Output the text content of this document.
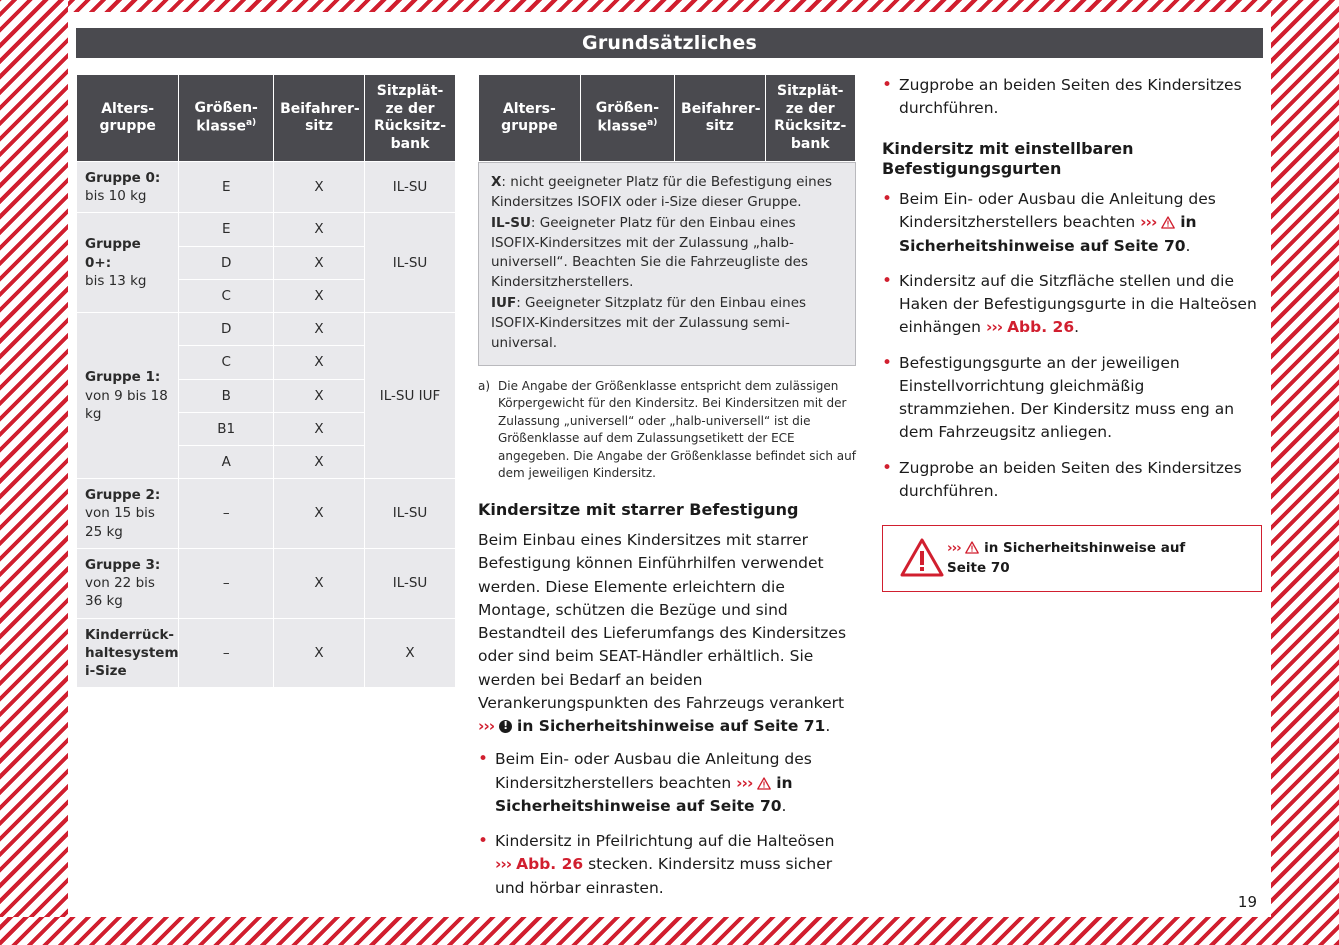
Grundsätzliches
Alters-gruppe	Größen-klasse$^{a)}$	Beifahrer-sitz	Sitzplät-ze der Rücksitz-bank
Gruppe 0:
bis 10 kg	E	X	IL-SU
Gruppe 0+:
bis 13 kg	E	X	IL-SU
	D	X	
	C	X	
Gruppe 1:
von 9 bis 18 kg	D	X	IL-SU IUF
	C	X	
	B	X	
	B1	X	
	A	X	
Gruppe 2:
von 15 bis 25 kg	–	X	IL-SU
Gruppe 3:
von 22 bis 36 kg	–	X	IL-SU
Kinderrück-haltesystem i-Size	–	X	X
Alters-gruppe	Größen-klasse$^{a)}$	Beifahrer-sitz	Sitzplät-ze der Rücksitz-bank

X: nicht geeigneter Platz für die Befestigung eines Kindersitzes ISOFIX oder i-Size dieser Gruppe.

IL-SU: Geeigneter Platz für den Einbau eines ISOFIX-Kindersitzes mit der Zulassung „halb-universell“. Beachten Sie die Fahrzeugliste des Kindersitzherstellers.

IUF: Geeigneter Sitzplatz für den Einbau eines ISOFIX-Kindersitzes mit der Zulassung semi-universal.

a) Die Angabe der Größenklasse entspricht dem zulässigen Körpergewicht für den Kindersitz. Bei Kindersitzen mit der Zulassung „universell“ oder „halb-universell“ ist die Größenklasse auf dem Zulassungsetikett der ECE angegeben. Die Angabe der Größenklasse befindet sich auf dem jeweiligen Kindersitz.
Kindersitze mit starrer Befestigung

Beim Einbau eines Kindersitzes mit starrer Befestigung können Einführhilfen verwendet werden. Diese Elemente erleichtern die Montage, schützen die Bezüge und sind Bestandteil des Lieferumfangs des Kindersitzes oder sind beim SEAT-Händler erhältlich. Sie werden bei Bedarf an beiden Verankerungspunkten des Fahrzeugs verankert ››› ! in Sicherheitshinweise auf Seite 71.

• Beim Ein- oder Ausbau die Anleitung des Kindersitzherstellers beachten ››› in Sicherheitshinweise auf Seite 70.
• Kindersitz in Pfeilrichtung auf die Halteösen ››› Abb. 26 stecken. Kindersitz muss sicher und hörbar einrasten.
• Zugprobe an beiden Seiten des Kindersitzes durchführen.
Kindersitz mit einstellbaren Befestigungsgurten
• Beim Ein- oder Ausbau die Anleitung des Kindersitzherstellers beachten ››› in Sicherheitshinweise auf Seite 70.
• Kindersitz auf die Sitzfläche stellen und die Haken der Befestigungsgurte in die Halteösen einhängen ››› Abb. 26.
• Befestigungsgurte an der jeweiligen Einstellvorrichtung gleichmäßig strammziehen. Der Kindersitz muss eng an dem Fahrzeugsitz anliegen.
• Zugprobe an beiden Seiten des Kindersitzes durchführen.
››› in Sicherheitshinweise auf
Seite 70
19
